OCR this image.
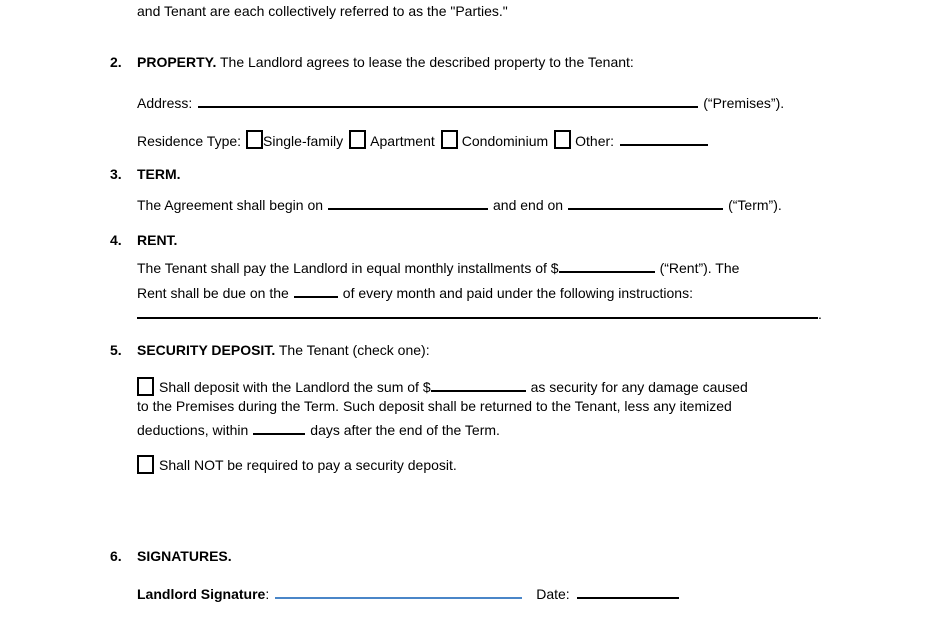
and Tenant are each collectively referred to as the "Parties."
2. PROPERTY. The Landlord agrees to lease the described property to the Tenant:
Address:	(“Premises”).
Residence Type: Single-family Apartment Condominium Other:
3. TERM.
The Agreement shall begin on	and end on	(“Term”).
4. RENT.
The Tenant shall pay the Landlord in equal monthly installments of $	(“Rent”). The
Rent shall be due on the	of every month and paid under the following instructions:
.
5. SECURITY DEPOSIT. The Tenant (check one):
Shall deposit with the Landlord the sum of $	as security for any damage caused
to the Premises during the Term. Such deposit shall be returned to the Tenant, less any itemized
deductions, within	days after the end of the Term.
Shall NOT be required to pay a security deposit.
6. SIGNATURES.
Landlord Signature:	Date:
